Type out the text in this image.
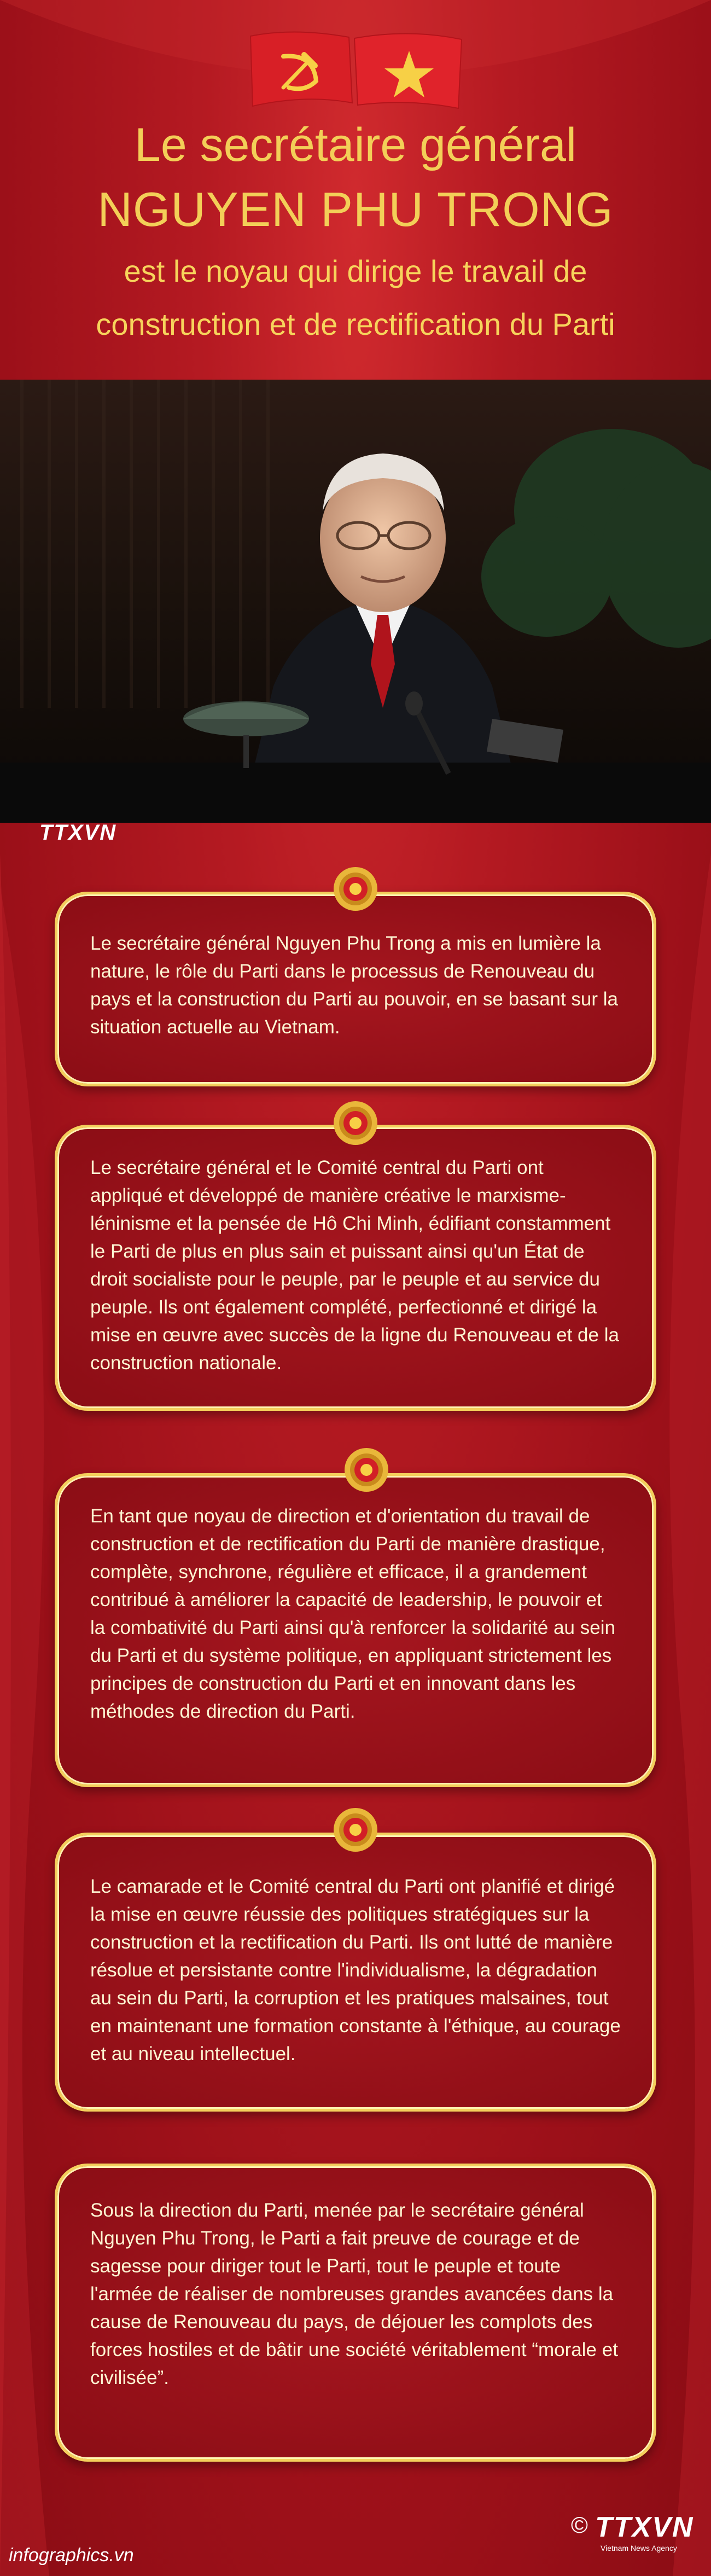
Le secrétaire général
NGUYEN PHU TRONG
est le noyau qui dirige le travail de
construction et de rectification du Parti
TTXVN

Le secrétaire général Nguyen Phu Trong a mis en lumière la nature, le rôle du Parti dans le processus de Renouveau du pays et la construction du Parti au pouvoir, en se basant sur la situation actuelle au Vietnam.

Le secrétaire général et le Comité central du Parti ont appliqué et développé de manière créative le marxisme-léninisme et la pensée de Hô Chi Minh, édifiant constamment le Parti de plus en plus sain et puissant ainsi qu'un État de droit socialiste pour le peuple, par le peuple et au service du peuple. Ils ont également complété, perfectionné et dirigé la mise en œuvre avec succès de la ligne du Renouveau et de la construction nationale.

En tant que noyau de direction et d'orientation du travail de construction et de rectification du Parti de manière drastique, complète, synchrone, régulière et efficace, il a grandement contribué à améliorer la capacité de leadership, le pouvoir et la combativité du Parti ainsi qu'à renforcer la solidarité au sein du Parti et du système politique, en appliquant strictement les principes de construction du Parti et en innovant dans les méthodes de direction du Parti.

Le camarade et le Comité central du Parti ont planifié et dirigé la mise en œuvre réussie des politiques stratégiques sur la construction et la rectification du Parti. Ils ont lutté de manière résolue et persistante contre l'individualisme, la dégradation au sein du Parti, la corruption et les pratiques malsaines, tout en maintenant une formation constante à l'éthique, au courage et au niveau intellectuel.

Sous la direction du Parti, menée par le secrétaire général Nguyen Phu Trong, le Parti a fait preuve de courage et de sagesse pour diriger tout le Parti, tout le peuple et toute l'armée de réaliser de nombreuses grandes avancées dans la cause de Renouveau du pays, de déjouer les complots des forces hostiles et de bâtir une société véritablement “morale et civilisée”.

© TTXVN
Vietnam News Agency
infographics.vn
